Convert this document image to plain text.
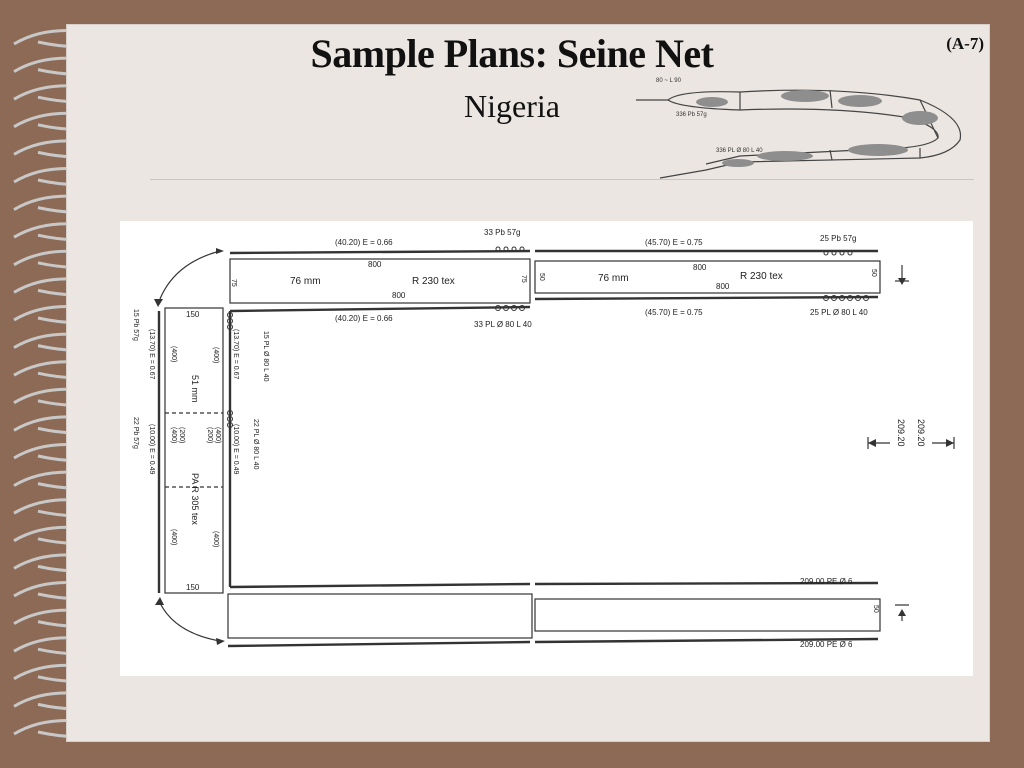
Sample Plans: Seine Net
Nigeria
(A-7)
80 ~ L 90
336 Pb 57g
336 PL Ø 80 L 40
(40.20) E = 0.66
800
76 mm	R 230 tex
800
75
75
(40.20) E = 0.66
(45.70) E = 0.75
800
76 mm	R 230 tex
800
50
50
(45.70) E = 0.75
33 Pb 57g
33 PL Ø 80 L 40
25 Pb 57g
25 PL Ø 80 L 40
150
150
(400)	(400)
51 mm
(400) (200)	(200) (400)
PA R 305 tex
(400)	(400)
15 Pb 57g
(13.70) E = 0.67
22 Pb 57g (10.00) E = 0.49
(13.70) E = 0.67	15 PL Ø 80 L 40
(10.00) E = 0.49 22 PL Ø 80 L 40
209.00 PE Ø 6
209.00 PE Ø 6
50
209.20
209.20
